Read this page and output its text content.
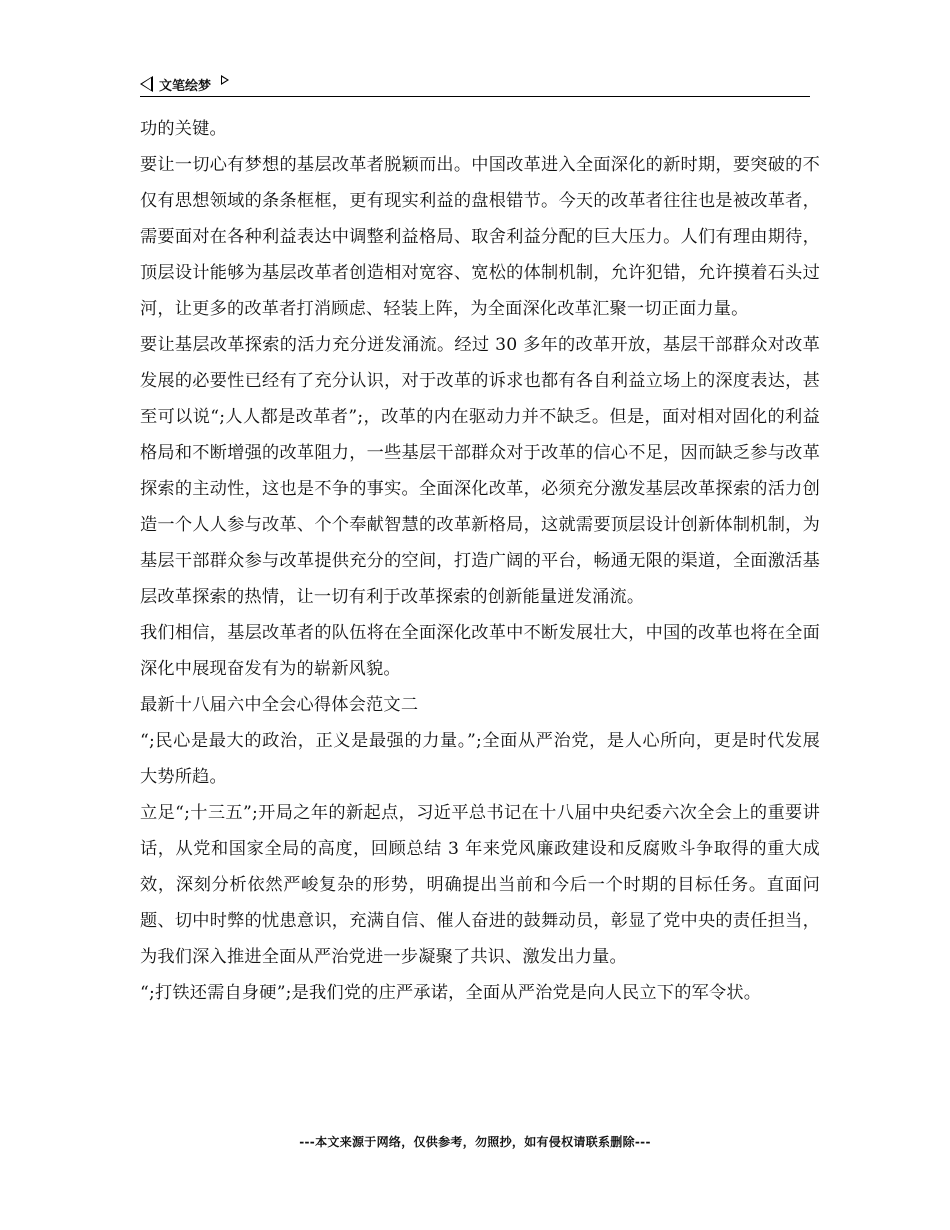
文笔绘梦

功的关键。

要让一切心有梦想的基层改革者脱颖而出。中国改革进入全面深化的新时期，要突破的不仅有思想领域的条条框框，更有现实利益的盘根错节。今天的改革者往往也是被改革者，需要面对在各种利益表达中调整利益格局、取舍利益分配的巨大压力。人们有理由期待，顶层设计能够为基层改革者创造相对宽容、宽松的体制机制，允许犯错，允许摸着石头过河，让更多的改革者打消顾虑、轻装上阵，为全面深化改革汇聚一切正面力量。

要让基层改革探索的活力充分迸发涌流。经过 30 多年的改革开放，基层干部群众对改革发展的必要性已经有了充分认识，对于改革的诉求也都有各自利益立场上的深度表达，甚至可以说“;人人都是改革者”;，改革的内在驱动力并不缺乏。但是，面对相对固化的利益格局和不断增强的改革阻力，一些基层干部群众对于改革的信心不足，因而缺乏参与改革探索的主动性，这也是不争的事实。全面深化改革，必须充分激发基层改革探索的活力创造一个人人参与改革、个个奉献智慧的改革新格局，这就需要顶层设计创新体制机制，为基层干部群众参与改革提供充分的空间，打造广阔的平台，畅通无限的渠道，全面激活基层改革探索的热情，让一切有利于改革探索的创新能量迸发涌流。

我们相信，基层改革者的队伍将在全面深化改革中不断发展壮大，中国的改革也将在全面深化中展现奋发有为的崭新风貌。

最新十八届六中全会心得体会范文二

“;民心是最大的政治，正义是最强的力量。”;全面从严治党，是人心所向，更是时代发展大势所趋。

立足“;十三五”;开局之年的新起点，习近平总书记在十八届中央纪委六次全会上的重要讲话，从党和国家全局的高度，回顾总结 3 年来党风廉政建设和反腐败斗争取得的重大成效，深刻分析依然严峻复杂的形势，明确提出当前和今后一个时期的目标任务。直面问题、切中时弊的忧患意识，充满自信、催人奋进的鼓舞动员，彰显了党中央的责任担当，为我们深入推进全面从严治党进一步凝聚了共识、激发出力量。

“;打铁还需自身硬”;是我们党的庄严承诺，全面从严治党是向人民立下的军令状。

---本文来源于网络，仅供参考，勿照抄，如有侵权请联系删除---
